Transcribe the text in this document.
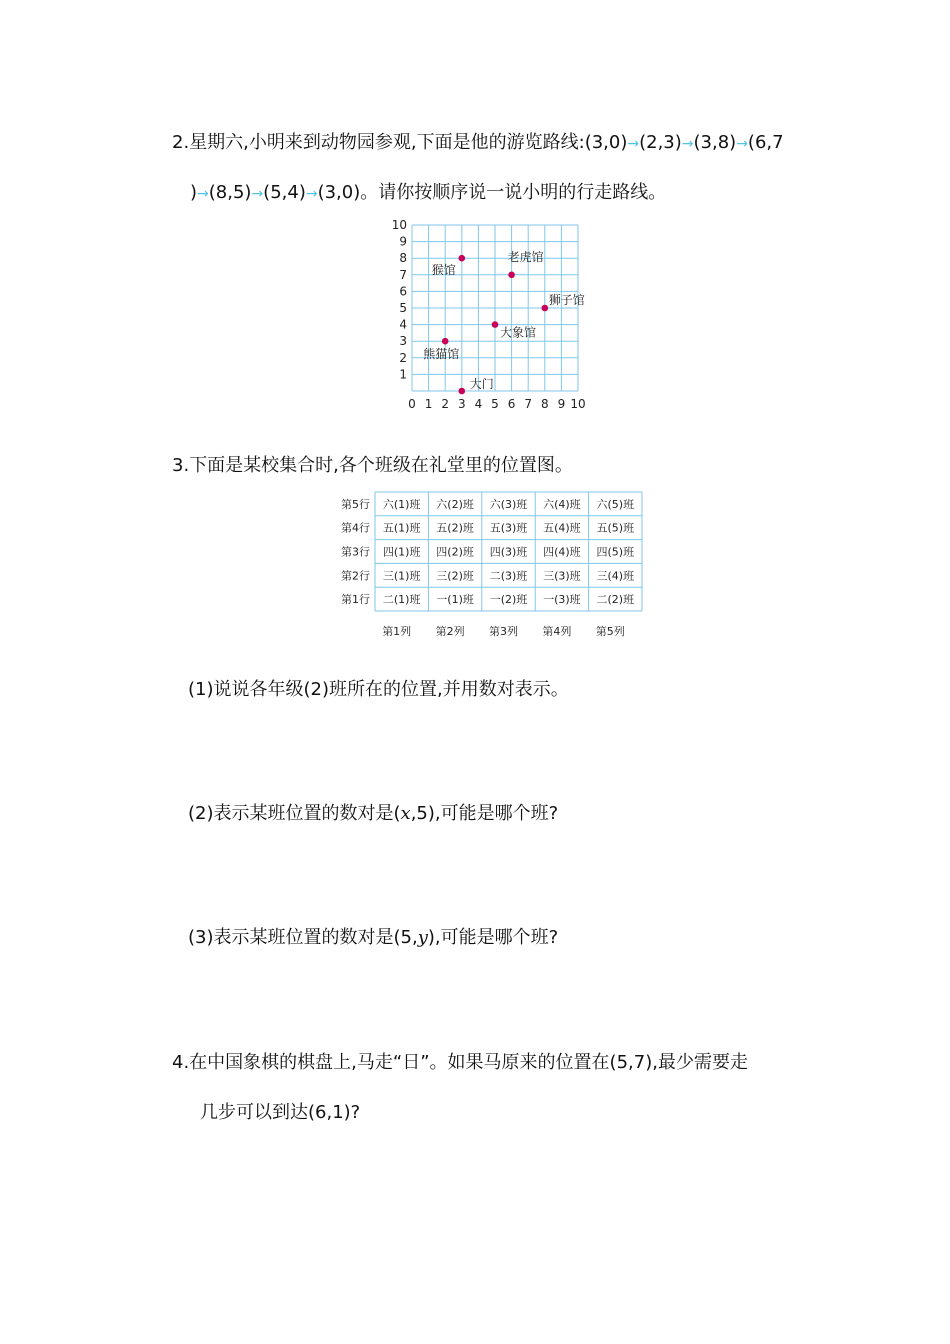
2.星期六,小明来到动物园参观,下面是他的游览路线:(3,0)→(2,3)→(3,8)→(6,7
)→(8,5)→(5,4)→(3,0)。请你按顺序说一说小明的行走路线。
0 1 2 3 4 5 6 7 8 9 10
1
2
3
4
5
6
7
8
9
10
大门
熊猫馆
猴馆
老虎馆
狮子馆
大象馆
3.下面是某校集合时,各个班级在礼堂里的位置图。
第5行
第4行
第3行
第2行
第1行
六(1)班 六(2)班 六(3)班 六(4)班 六(5)班
五(1)班 五(2)班 五(3)班 五(4)班 五(5)班
四(1)班 四(2)班 四(3)班 四(4)班 四(5)班
三(1)班 三(2)班 二(3)班 三(3)班 三(4)班
二(1)班 一(1)班 一(2)班 一(3)班 二(2)班
第1列 第2列 第3列 第4列 第5列
(1)说说各年级(2)班所在的位置,并用数对表示。
(2)表示某班位置的数对是(x,5),可能是哪个班?
(3)表示某班位置的数对是(5,y),可能是哪个班?
4.在中国象棋的棋盘上,马走“日”。如果马原来的位置在(5,7),最少需要走
几步可以到达(6,1)?
